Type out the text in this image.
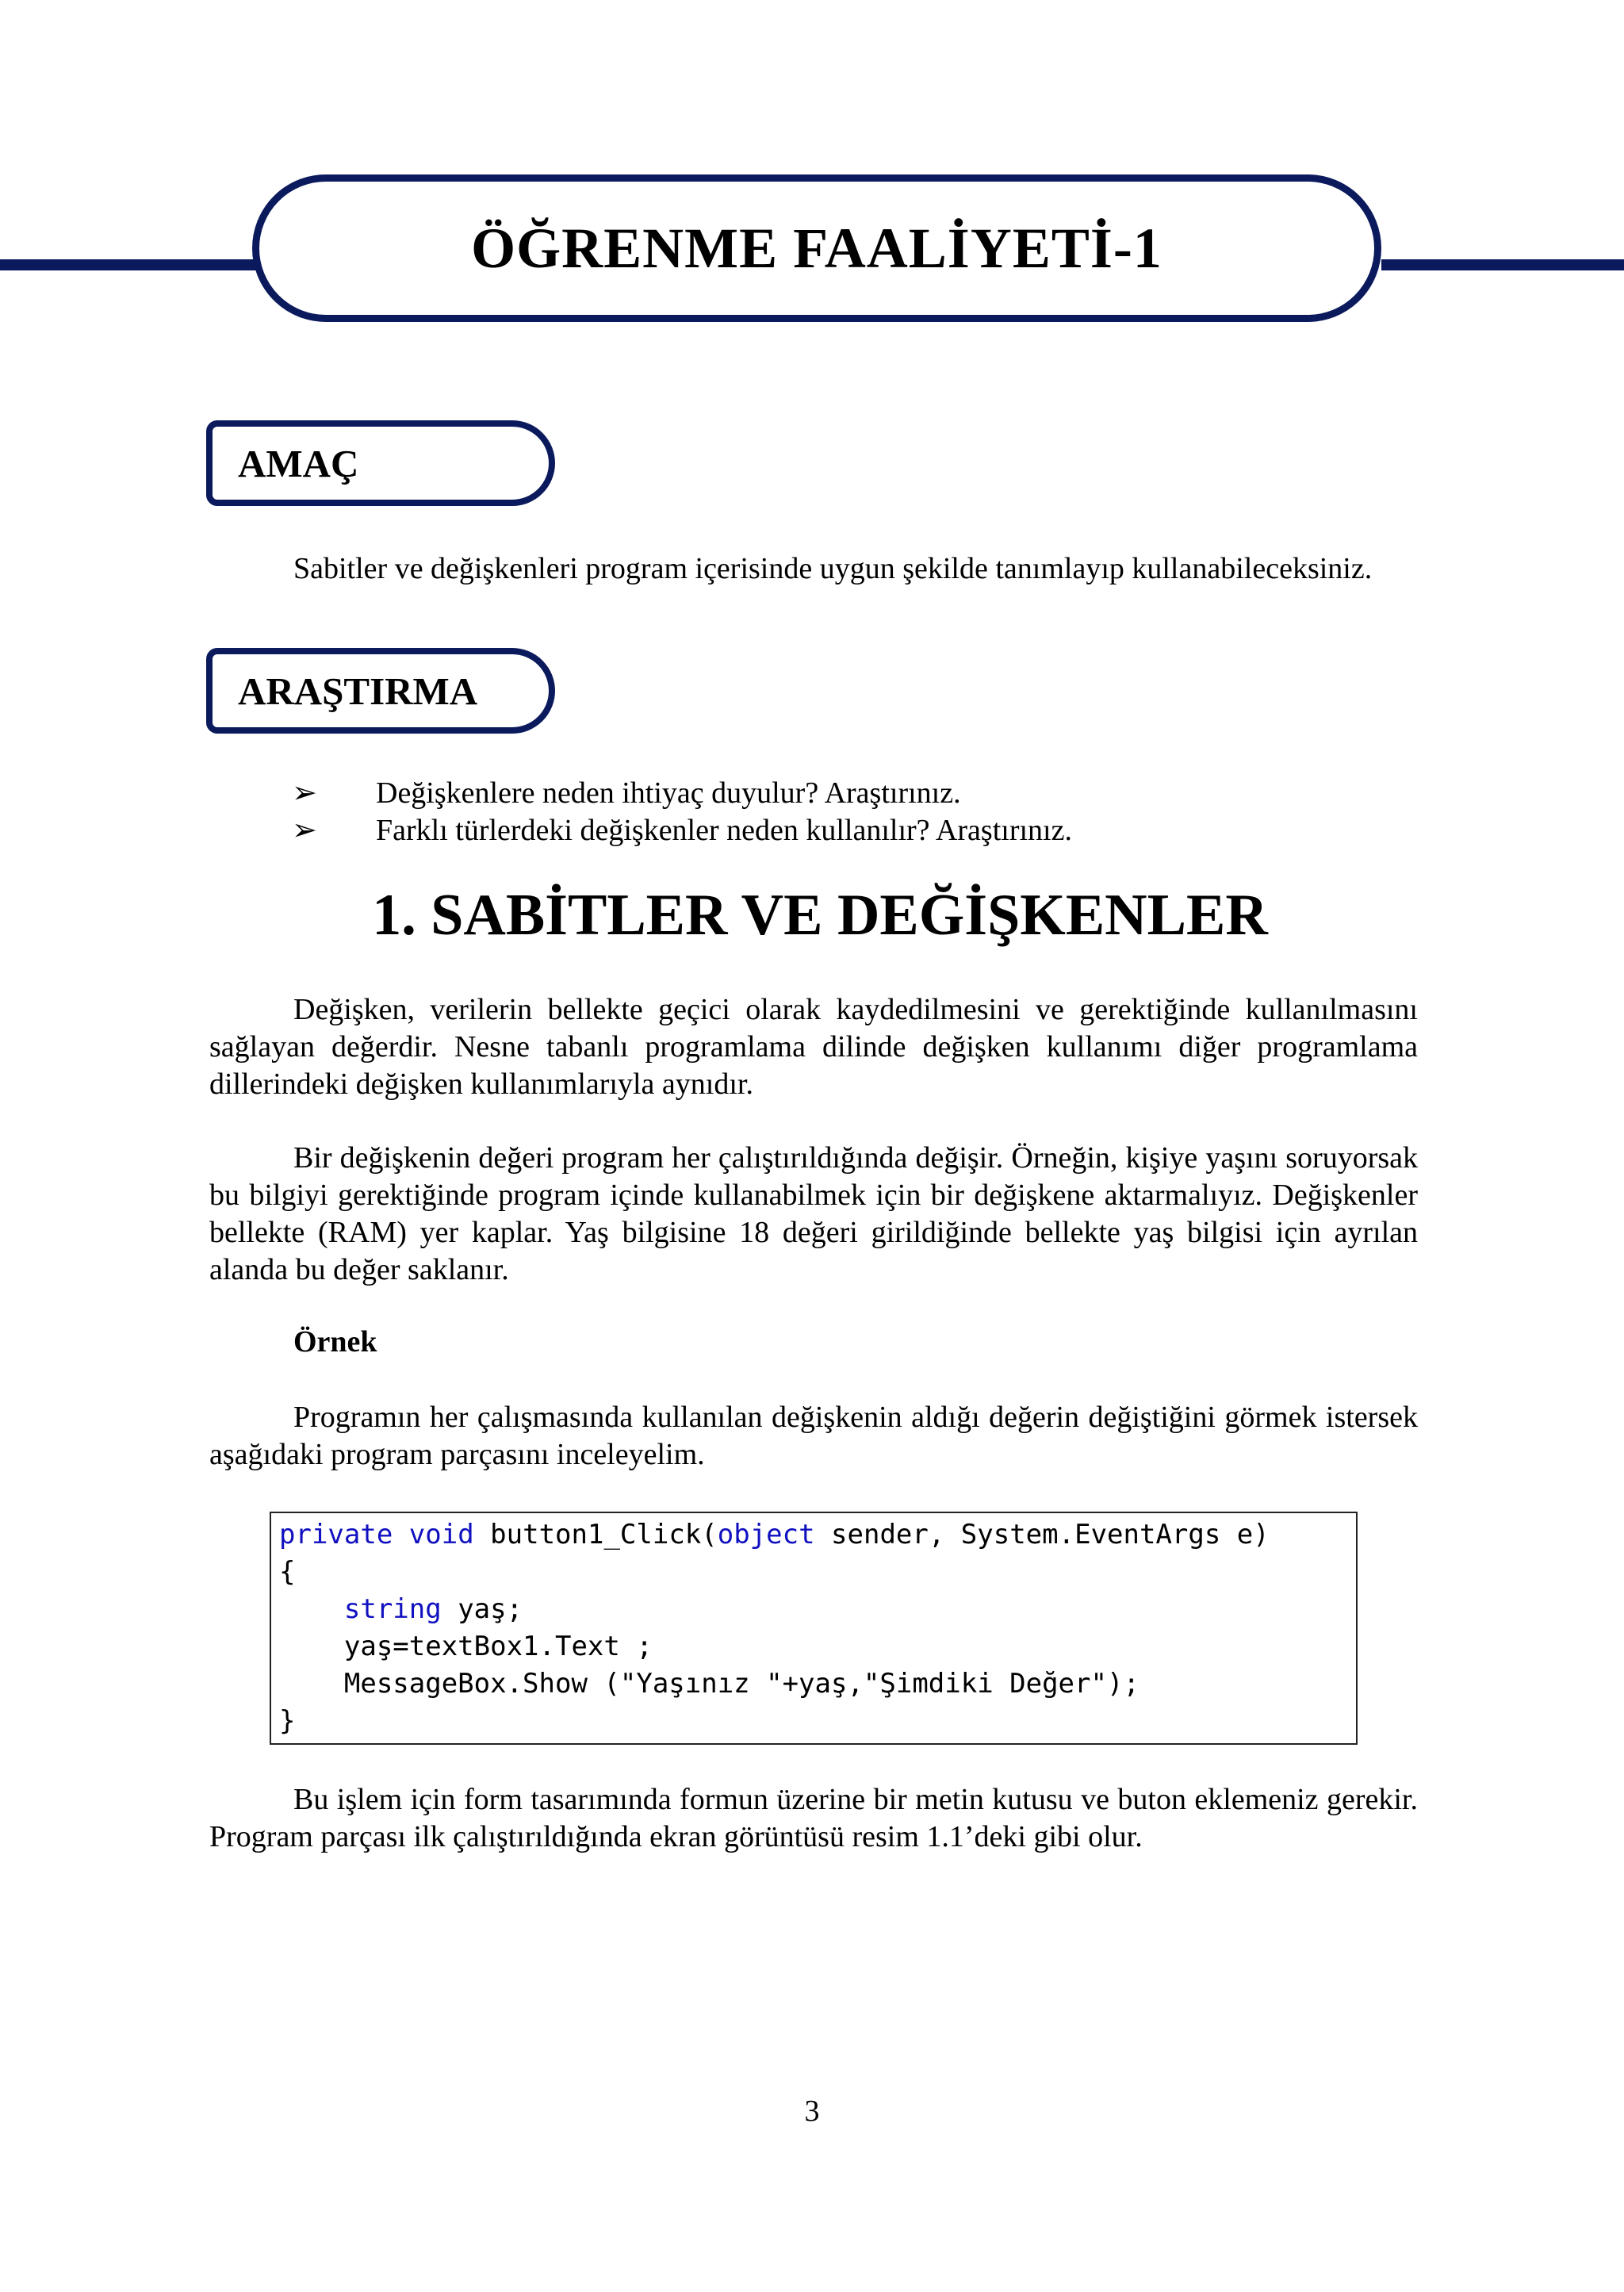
ÖĞRENME FAALİYETİ-1
AMAÇ

Sabitler ve değişkenleri program içerisinde uygun şekilde tanımlayıp kullanabileceksiniz.

ARAŞTIRMA
➢ Değişkenlere neden ihtiyaç duyulur? Araştırınız.
➢ Farklı türlerdeki değişkenler neden kullanılır? Araştırınız.
1. SABİTLER VE DEĞİŞKENLER

Değişken, verilerin bellekte geçici olarak kaydedilmesini ve gerektiğinde kullanılmasını sağlayan değerdir. Nesne tabanlı programlama dilinde değişken kullanımı diğer programlama dillerindeki değişken kullanımlarıyla aynıdır.

Bir değişkenin değeri program her çalıştırıldığında değişir. Örneğin, kişiye yaşını soruyorsak bu bilgiyi gerektiğinde program içinde kullanabilmek için bir değişkene aktarmalıyız. Değişkenler bellekte (RAM) yer kaplar. Yaş bilgisine 18 değeri girildiğinde bellekte yaş bilgisi için ayrılan alanda bu değer saklanır.

Örnek

Programın her çalışmasında kullanılan değişkenin aldığı değerin değiştiğini görmek istersek aşağıdaki program parçasını inceleyelim.

private void button1_Click(object sender, System.EventArgs e)
{
string yaş;
yaş=textBox1.Text ;
MessageBox.Show ("Yaşınız "+yaş,"Şimdiki Değer");
}

Bu işlem için form tasarımında formun üzerine bir metin kutusu ve buton eklemeniz gerekir. Program parçası ilk çalıştırıldığında ekran görüntüsü resim 1.1’deki gibi olur.

3
